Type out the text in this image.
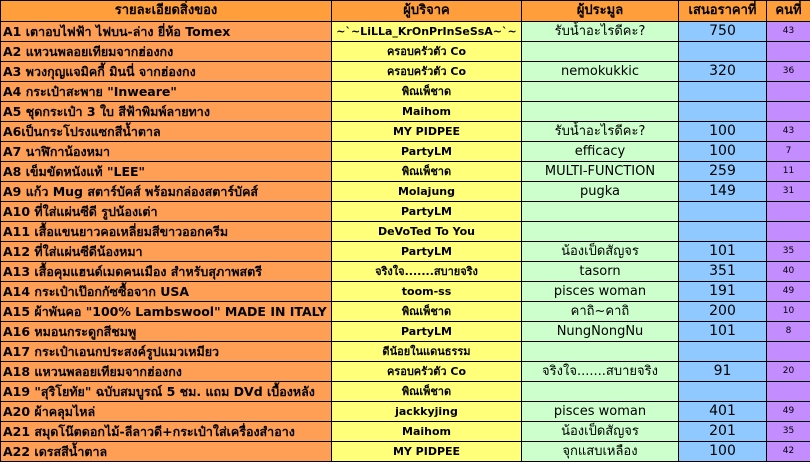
รายละเอียดสิ่งของ	ผู้บริจาค	ผู้ประมูล	เสนอราคาที่	คนที่
A1 เตาอบไฟฟ้า ไฟบน-ล่าง ยี่ห้อ Tomex	~`~LiLLa_KrOnPrInSeSsA~`~	รับน้ำอะไรดีคะ?	750	43
A2 แหวนพลอยเทียมจากฮ่องกง	ครอบครัวตัว Co			
A3 พวงกุญแจมิคกี้ มินนี่ จากฮ่องกง	ครอบครัวตัว Co	nemokukkic	320	36
A4 กระเป๋าสะพาย "Inweare"	พิณเพ็ชาด			
A5 ชุดกระเป๋า 3 ใบ สีฟ้าพิมพ์ลายทาง	Maihom			
A6เป็นกระโปรงแซกสีน้ำตาล	MY PIDPEE	รับน้ำอะไรดีคะ?	100	43
A7 นาฬิกาน้องหมา	PartyLM	efficacy	100	7
A8 เข็มขัดหนังแท้ "LEE"	พิณเพ็ชาด	MULTI-FUNCTION	259	11
A9 แก้ว Mug สตาร์บัคส์ พร้อมกล่องสตาร์บัคส์	Molajung	pugka	149	31
A10 ที่ใส่แผ่นซีดี รูปน้องเต่า	PartyLM			
A11 เสื้อแขนยาวคอเหลี่ยมสีขาวออกครีม	DeVoTed To You			
A12 ที่ใส่แผ่นซีดีน้องหมา	PartyLM	น้องเป็ดสัญจร	101	35
A13 เสื้อคุมแฮนด์เมดคนเมือง สำหรับสุภาพสตรี	จริงใจ.......สบายจริง	tasorn	351	40
A14 กระเป๋าเป๊อกกัซซื้อจาก USA	toom-ss	pisces woman	191	49
A15 ผ้าพันคอ "100% Lambswool" MADE IN ITALY	พิณเพ็ชาด	คาถิ~คาถิ	200	10
A16 หมอนกระดูกสีชมพู	PartyLM	NungNongNu	101	8
A17 กระเป๋าเอนกประสงค์รูปแมวเหมียว	ดีน้อยในแดนธรรม			
A18 แหวนพลอยเทียมจากฮ่องกง	ครอบครัวตัว Co	จริงใจ.......สบายจริง	91	20
A19 "สุริโยทัย" ฉบับสมบูรณ์ 5 ชม. แถม DVd เบื้องหลัง	พิณเพ็ชาด			
A20 ผ้าคลุมไหล่	jackkyjing	pisces woman	401	49
A21 สมุดโน๊ตดอกไม้-ลีลาวดี+กระเป๋าใส่เครื่องสำอาง	Maihom	น้องเป็ดสัญจร	201	35
A22 เดรสสีน้ำตาล	MY PIDPEE	จุกแสบเหลือง	100	42
